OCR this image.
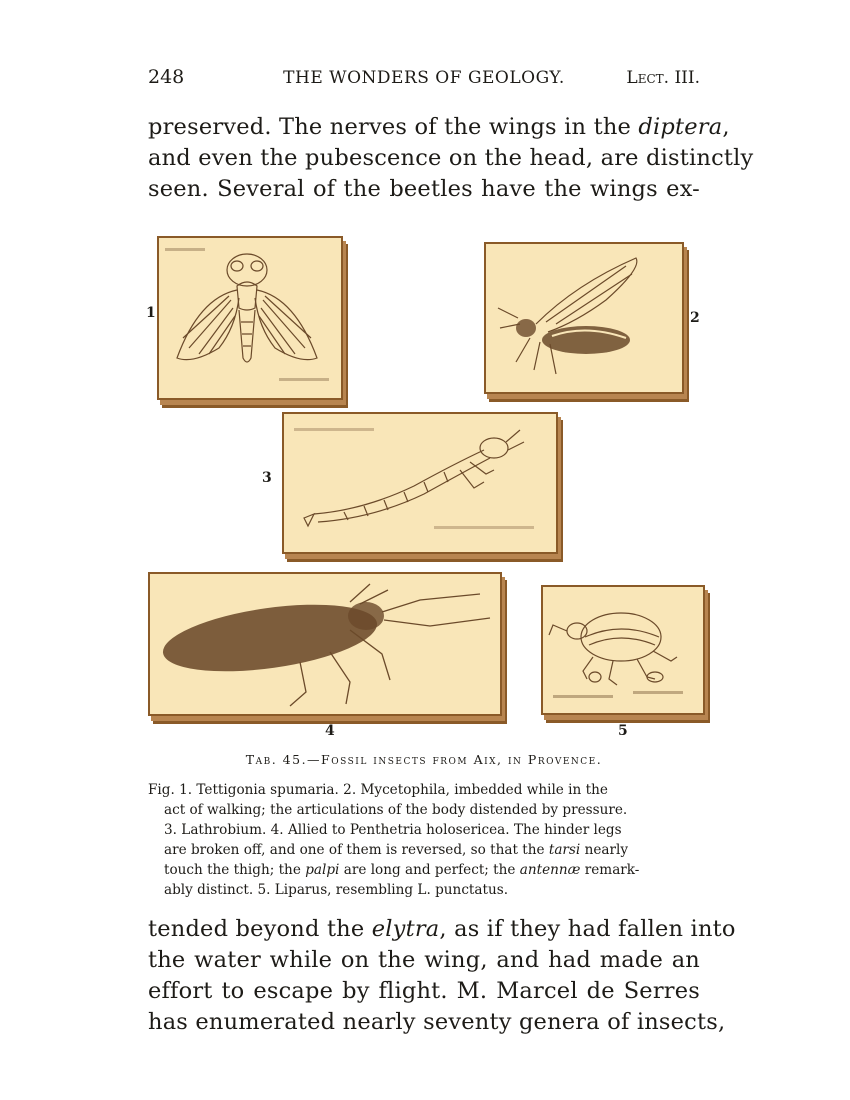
248	THE WONDERS OF GEOLOGY.	Lect. III.
preserved. The nerves of the wings in the diptera,
and even the pubescence on the head, are distinctly
seen. Several of the beetles have the wings ex-
1	2
3
4	5
Tab. 45.—Fossil insects from Aix, in Provence.
Fig. 1. Tettigonia spumaria. 2. Mycetophila, imbedded while in the
act of walking; the articulations of the body distended by pressure.
3. Lathrobium. 4. Allied to Penthetria holosericea. The hinder legs
are broken off, and one of them is reversed, so that the tarsi nearly
touch the thigh; the palpi are long and perfect; the antennæ remark-
ably distinct. 5. Liparus, resembling L. punctatus.
tended beyond the elytra, as if they had fallen into
the water while on the wing, and had made an
effort to escape by flight. M. Marcel de Serres
has enumerated nearly seventy genera of insects,
